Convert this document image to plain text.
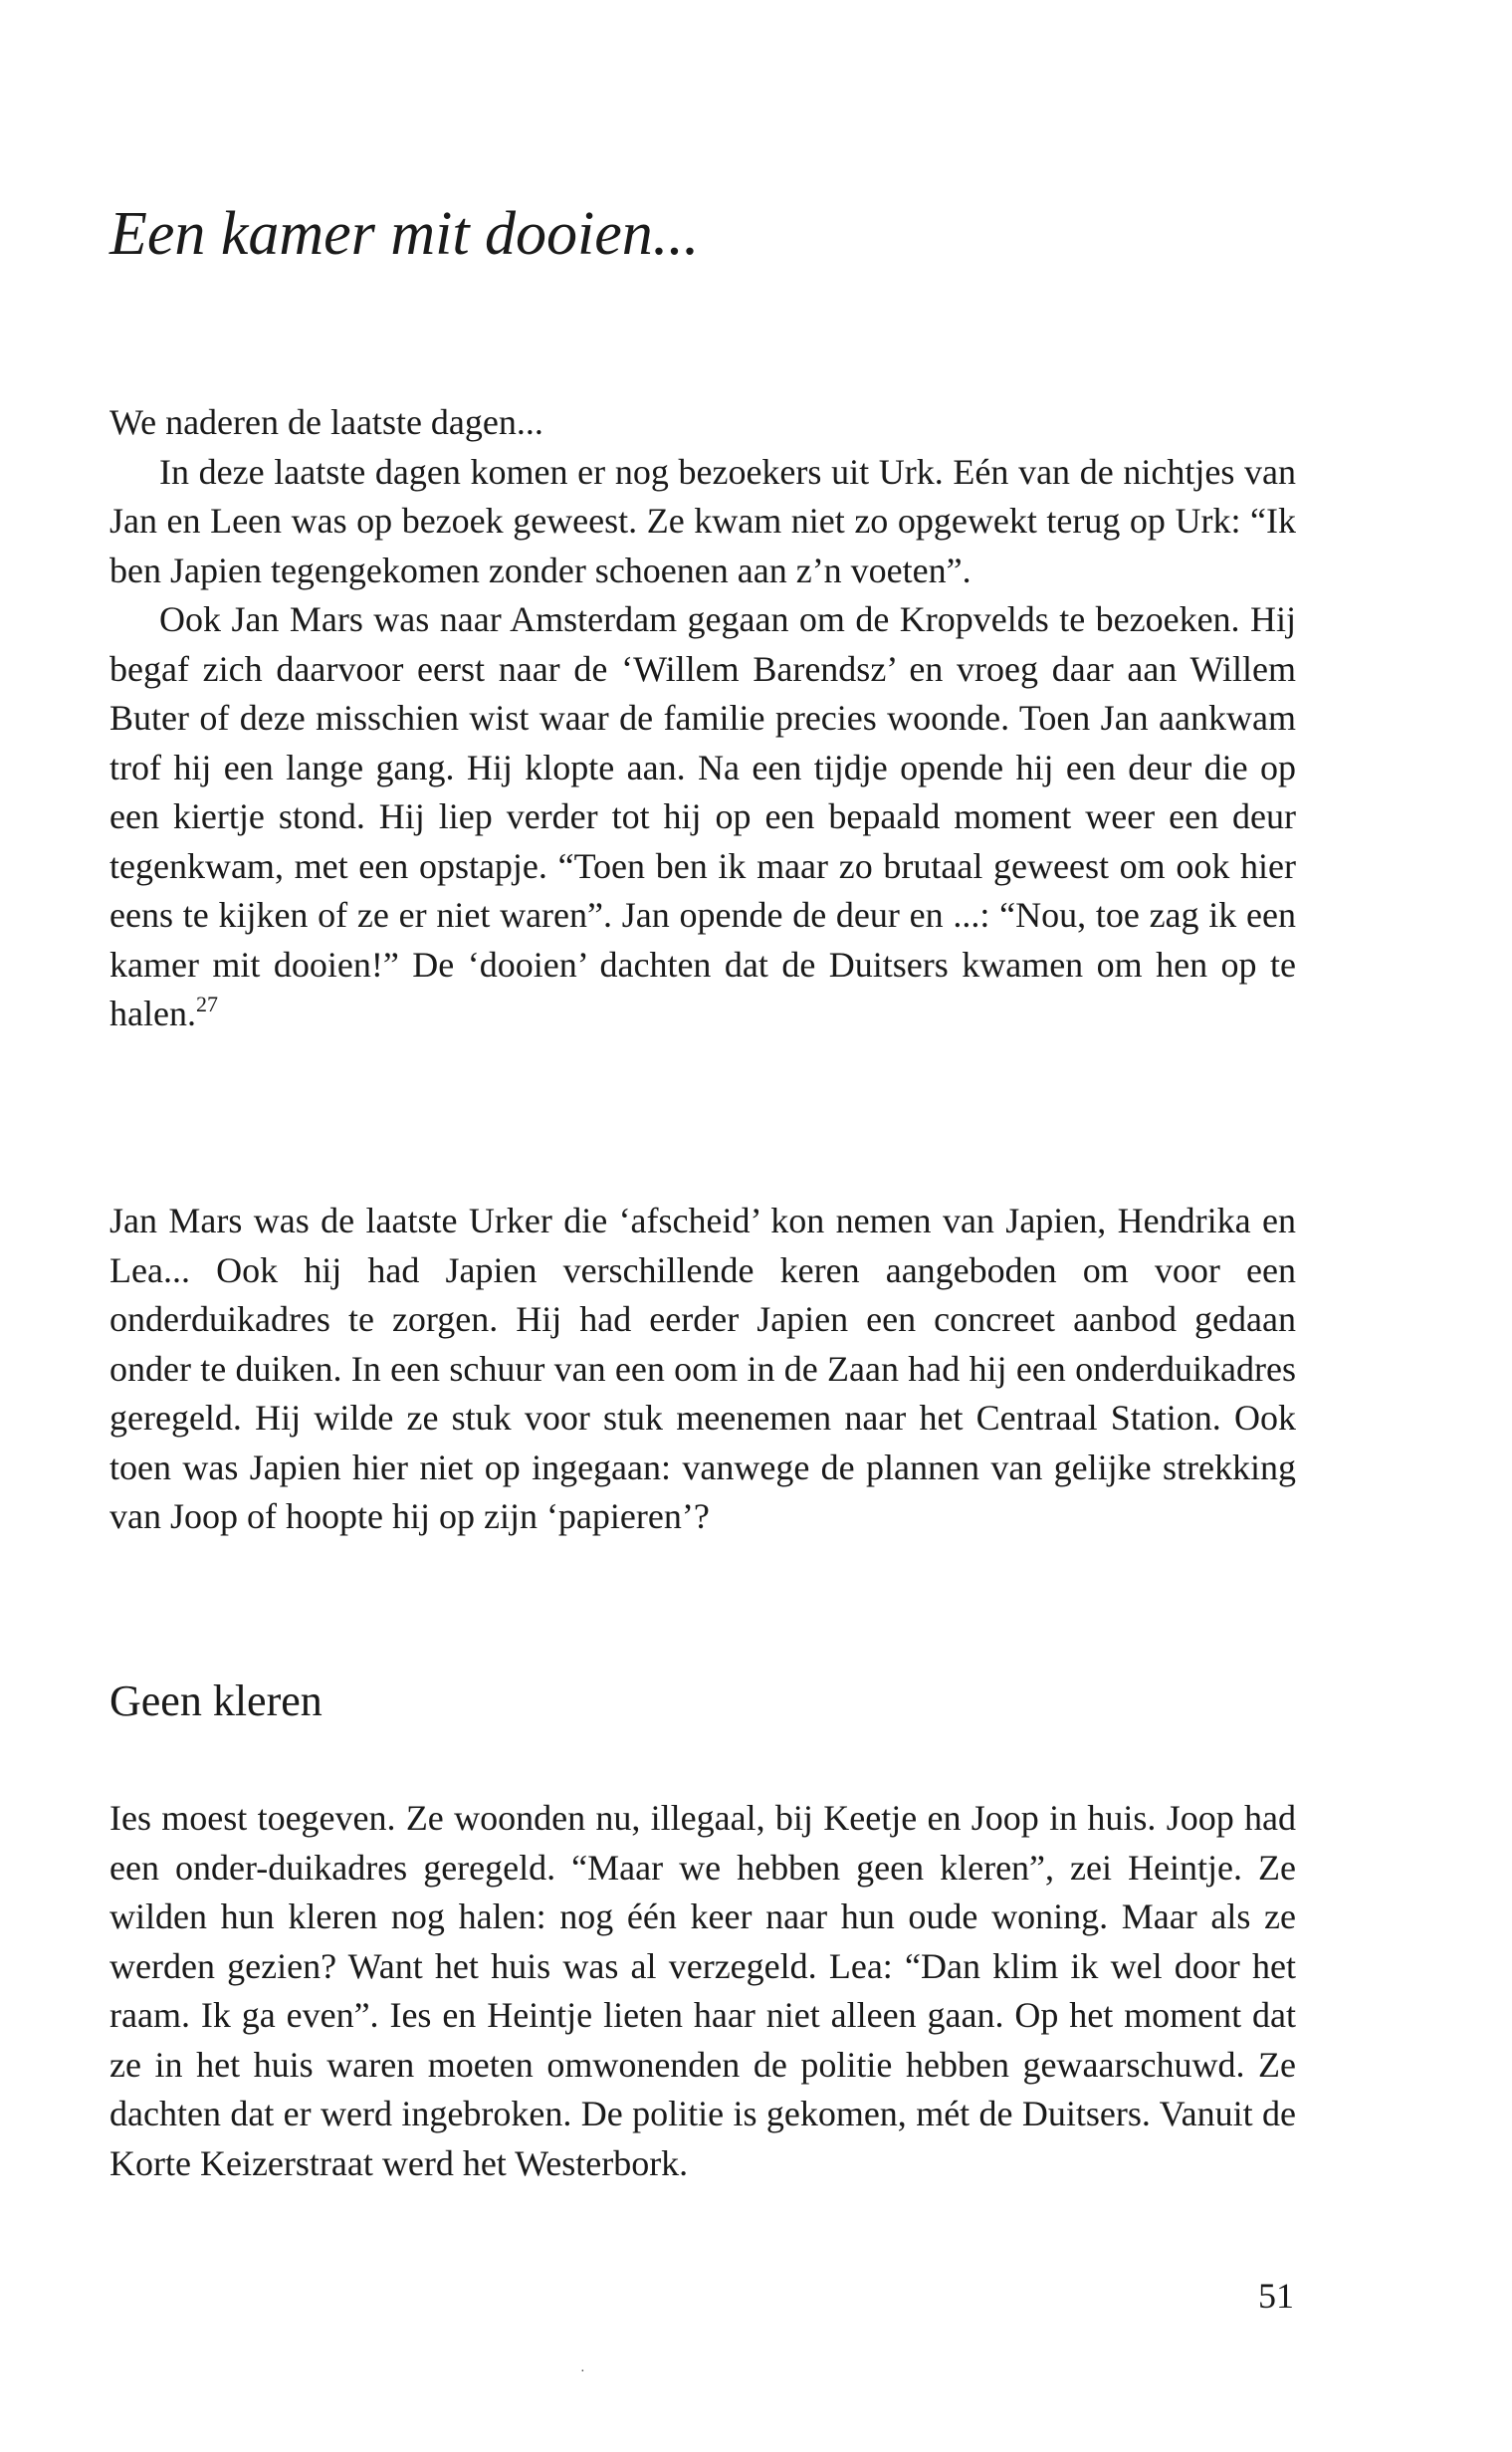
Een kamer mit dooien...

We naderen de laatste dagen...

In deze laatste dagen komen er nog bezoekers uit Urk. Eén van de nichtjes van Jan en Leen was op bezoek geweest. Ze kwam niet zo opgewekt terug op Urk: “Ik ben Japien tegengekomen zonder schoenen aan z’n voeten”.

Ook Jan Mars was naar Amsterdam gegaan om de Kropvelds te bezoeken. Hij begaf zich daarvoor eerst naar de ‘Willem Barendsz’ en vroeg daar aan Willem Buter of deze misschien wist waar de familie precies woonde. Toen Jan aankwam trof hij een lange gang. Hij klopte aan. Na een tijdje opende hij een deur die op een kiertje stond. Hij liep verder tot hij op een bepaald moment weer een deur tegenkwam, met een opstapje. “Toen ben ik maar zo brutaal geweest om ook hier eens te kijken of ze er niet waren”. Jan opende de deur en ...: “Nou, toe zag ik een kamer mit dooien!” De ‘dooien’ dachten dat de Duitsers kwamen om hen op te halen.$^{27}$

Jan Mars was de laatste Urker die ‘afscheid’ kon nemen van Japien, Hendrika en Lea... Ook hij had Japien verschillende keren aangeboden om voor een onderduikadres te zorgen. Hij had eerder Japien een concreet aanbod gedaan onder te duiken. In een schuur van een oom in de Zaan had hij een onderduikadres geregeld. Hij wilde ze stuk voor stuk meenemen naar het Centraal Station. Ook toen was Japien hier niet op ingegaan: vanwege de plannen van gelijke strekking van Joop of hoopte hij op zijn ‘papieren’?

Geen kleren

Ies moest toegeven. Ze woonden nu, illegaal, bij Keetje en Joop in huis. Joop had een onder-duikadres geregeld. “Maar we hebben geen kleren”, zei Heintje. Ze wilden hun kleren nog halen: nog één keer naar hun oude woning. Maar als ze werden gezien? Want het huis was al verzegeld. Lea: “Dan klim ik wel door het raam. Ik ga even”. Ies en Heintje lieten haar niet alleen gaan. Op het moment dat ze in het huis waren moeten omwonenden de politie hebben gewaarschuwd. Ze dachten dat er werd ingebroken. De politie is gekomen, mét de Duitsers. Vanuit de Korte Keizerstraat werd het Westerbork.

51
·
